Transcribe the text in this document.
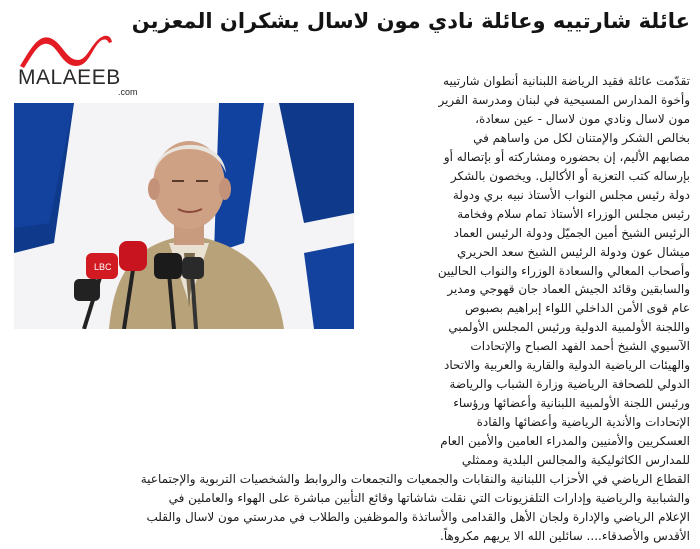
عائلة شارتييه وعائلة نادي مون لاسال يشكران المعزين
MALAEEB
.com
LBC

تقدّمت عائلة فقيد الرياضة اللبنانية أنطوان شارتييه
وأخوة المدارس المسيحية في لبنان ومدرسة الفرير
مون لاسال ونادي مون لاسال - عين سعادة،
بخالص الشكر والإمتنان لكل من واساهم في
مصابهم الأليم، إن بحضوره ومشاركته أو بإتصاله أو
بإرساله كتب التعزية أو الأكاليل. ويخصون بالشكر
دولة رئيس مجلس النواب الأستاذ نبيه بري ودولة
رئيس مجلس الوزراء الأستاذ تمام سلام وفخامة
الرئيس الشيخ أمين الجميّل ودولة الرئيس العماد
ميشال عون ودولة الرئيس الشيخ سعد الحريري
وأصحاب المعالي والسعادة الوزراء والنواب الحاليين
والسابقين وقائد الجيش العماد جان قهوجي ومدير
عام قوى الأمن الداخلي اللواء إبراهيم بصبوص
واللجنة الأولمبية الدولية ورئيس المجلس الأولمبي
الآسيوي الشيخ أحمد الفهد الصباح والإتحادات
والهيئات الرياضية الدولية والقارية والعربية والاتحاد
الدولي للصحافة الرياضية وزارة الشباب والرياضة
ورئيس اللجنة الأولمبية اللبنانية وأعضائها ورؤساء
الإتحادات والأندية الرياضية وأعضائها والقادة
العسكريين والأمنيين والمدراء العامين والأمين العام
للمدارس الكاثوليكية والمجالس البلدية وممثلي
القطاع الرياضي في الأحزاب اللبنانية والنقابات والجمعيات والتجمعات والروابط والشخصيات التربوية والإجتماعية
والشبابية والرياضية وإدارات التلفزيونات التي نقلت شاشاتها وقائع التأبين مباشرة على الهواء والعاملين في
الإعلام الرياضي والإدارة ولجان الأهل والقدامى والأساتذة والموظفين والطلاب في مدرستي مون لاسال والقلب
الأقدس والأصدقاء.... سائلين الله الا يريهم مكروهاً.
